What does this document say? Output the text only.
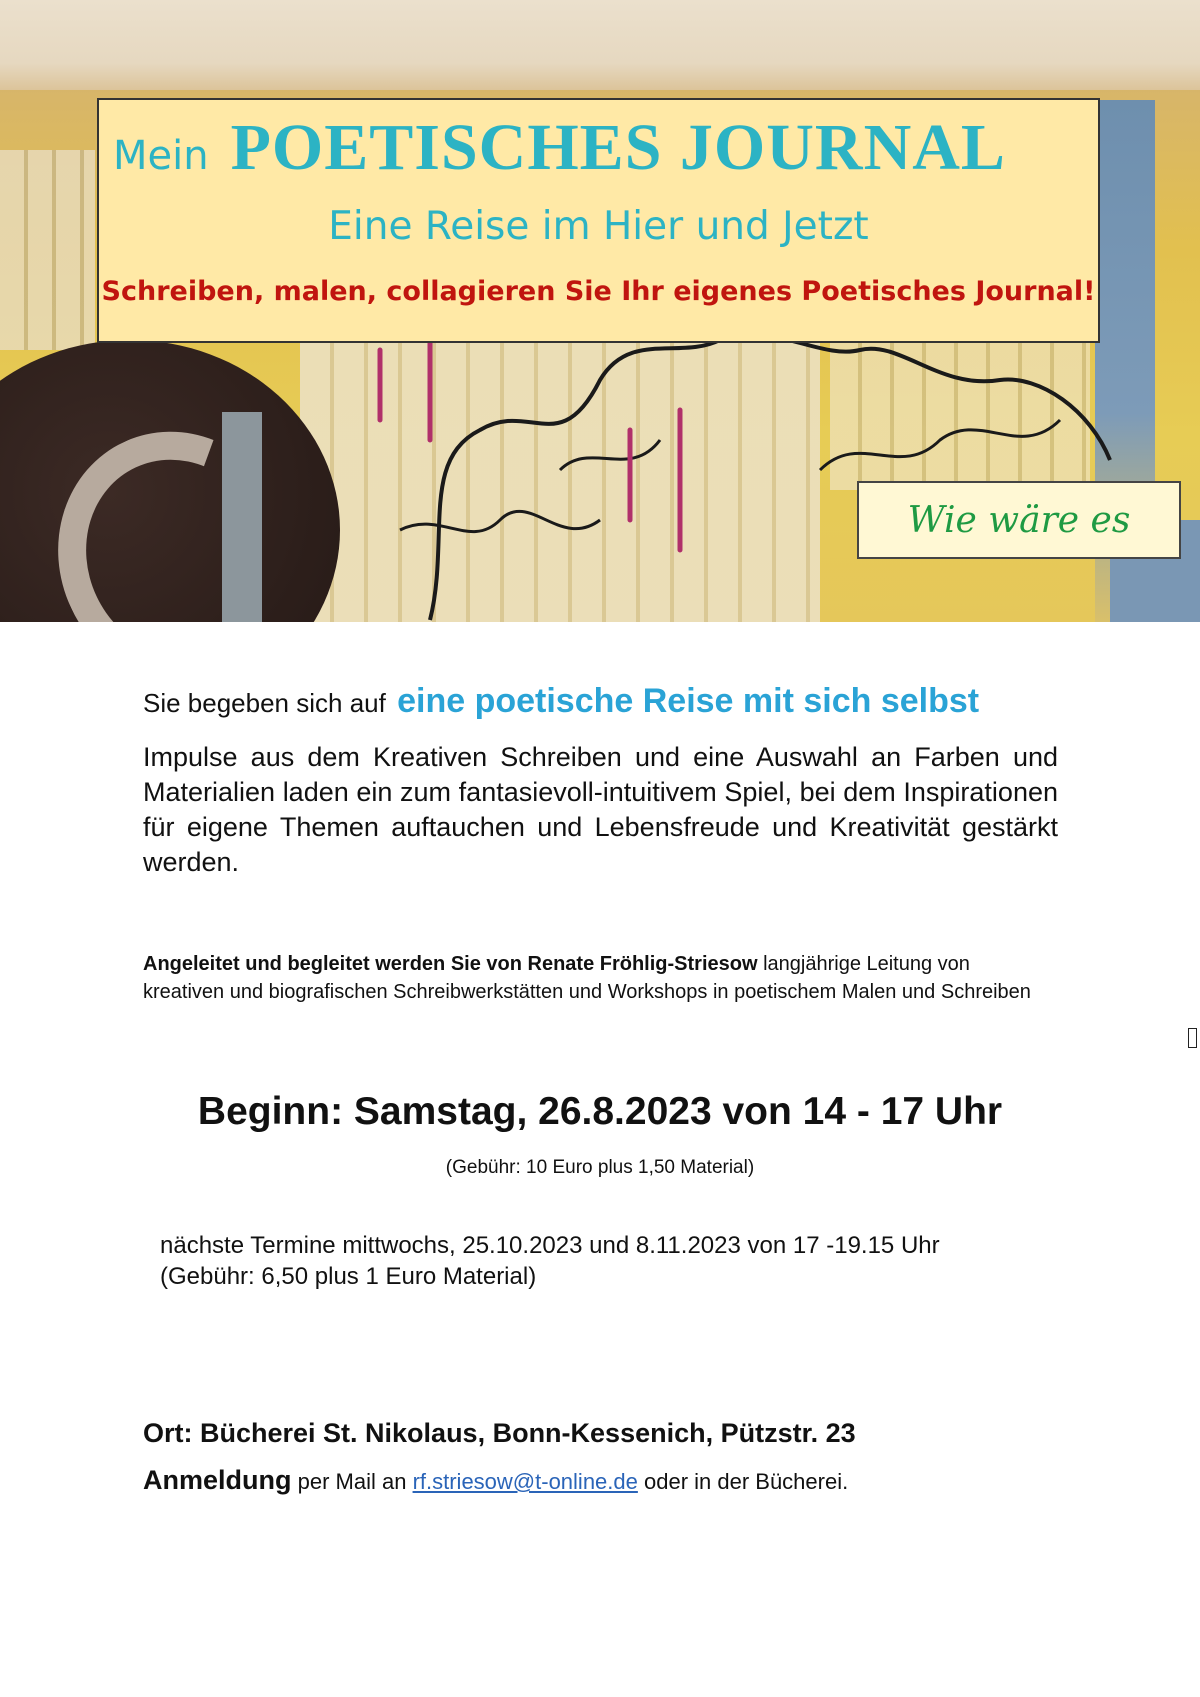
Mein POETISCHES JOURNAL
Eine Reise im Hier und Jetzt
Schreiben, malen, collagieren Sie Ihr eigenes Poetisches Journal!
Wie wäre es
Sie begeben sich auf eine poetische Reise mit sich selbst
Impulse aus dem Kreativen Schreiben und eine Auswahl an Farben und Materialien laden ein zum fantasievoll-intuitivem Spiel, bei dem Inspirationen für eigene Themen auftauchen und Lebensfreude und Kreativität gestärkt werden.
Angeleitet und begleitet werden Sie von Renate Fröhlig-Striesow langjährige Leitung von kreativen und biografischen Schreibwerkstätten und Workshops in poetischem Malen und Schreiben
Beginn: Samstag, 26.8.2023 von 14 - 17 Uhr
(Gebühr: 10 Euro plus 1,50 Material)
nächste Termine mittwochs, 25.10.2023 und 8.11.2023 von 17 -19.15 Uhr
(Gebühr: 6,50 plus 1 Euro Material)
Ort: Bücherei St. Nikolaus, Bonn-Kessenich, Pützstr. 23
Anmeldung per Mail an rf.striesow@t-online.de oder in der Bücherei.
